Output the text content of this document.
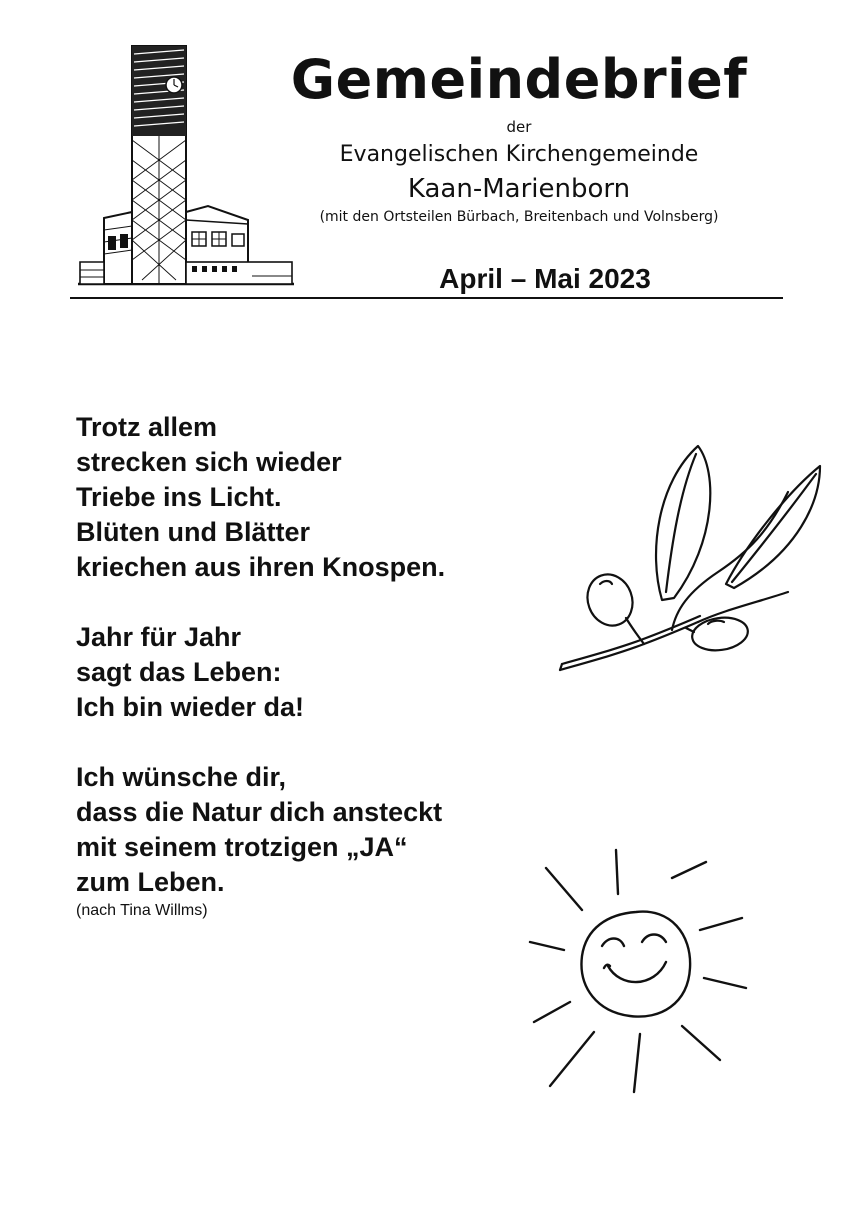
Gemeindebrief
der
Evangelischen Kirchengemeinde
Kaan-Marienborn
(mit den Ortsteilen Bürbach, Breitenbach und Volnsberg)
April – Mai 2023
Trotz allem
strecken sich wieder
Triebe ins Licht.
Blüten und Blätter
kriechen aus ihren Knospen.
Jahr für Jahr
sagt das Leben:
Ich bin wieder da!
Ich wünsche dir,
dass die Natur dich ansteckt
mit seinem trotzigen „JA“
zum Leben.
(nach Tina Willms)
